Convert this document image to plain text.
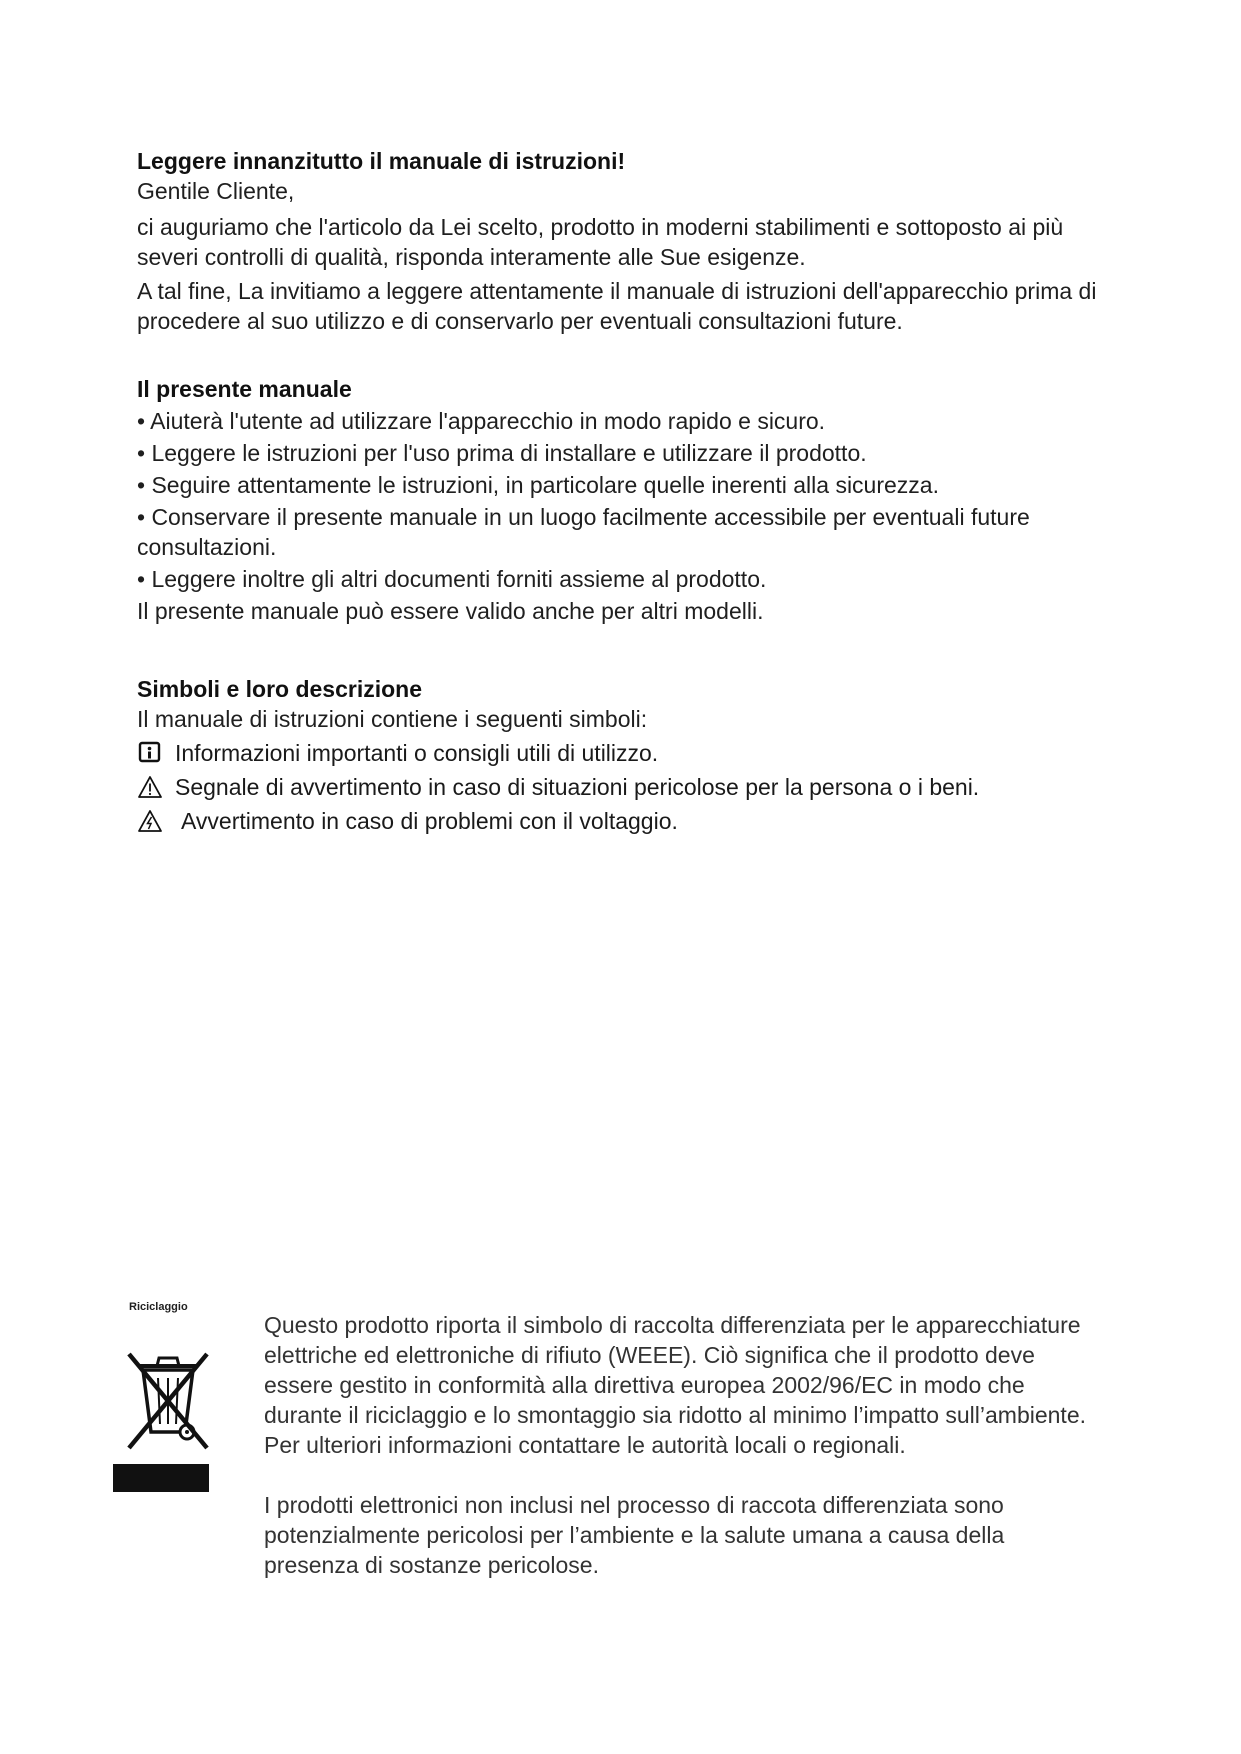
Leggere innanzitutto il manuale di istruzioni!
Gentile Cliente,

ci auguriamo che l'articolo da Lei scelto, prodotto in moderni stabilimenti e sottoposto ai più severi controlli di qualità, risponda interamente alle Sue esigenze.

A tal fine, La invitiamo a leggere attentamente il manuale di istruzioni dell'apparecchio prima di procedere al suo utilizzo e di conservarlo per eventuali consultazioni future.

Il presente manuale
• Aiuterà l'utente ad utilizzare l'apparecchio in modo rapido e sicuro.
• Leggere le istruzioni per l'uso prima di installare e utilizzare il prodotto.
• Seguire attentamente le istruzioni, in particolare quelle inerenti alla sicurezza.
• Conservare il presente manuale in un luogo facilmente accessibile per eventuali future consultazioni.
• Leggere inoltre gli altri documenti forniti assieme al prodotto.
Il presente manuale può essere valido anche per altri modelli.
Simboli e loro descrizione
Il manuale di istruzioni contiene i seguenti simboli:
Informazioni importanti o consigli utili di utilizzo.
Segnale di avvertimento in caso di situazioni pericolose per la persona o i beni.
Avvertimento in caso di problemi con il voltaggio.
Riciclaggio

Questo prodotto riporta il simbolo di raccolta differenziata per le apparecchiature elettriche ed elettroniche di rifiuto (WEEE). Ciò significa che il prodotto deve essere gestito in conformità alla direttiva europea 2002/96/EC in modo che durante il riciclaggio e lo smontaggio sia ridotto al minimo l’impatto sull’ambiente. Per ulteriori informazioni contattare le autorità locali o regionali.

I prodotti elettronici non inclusi nel processo di raccota differenziata sono potenzialmente pericolosi per l’ambiente e la salute umana a causa della presenza di sostanze pericolose.
